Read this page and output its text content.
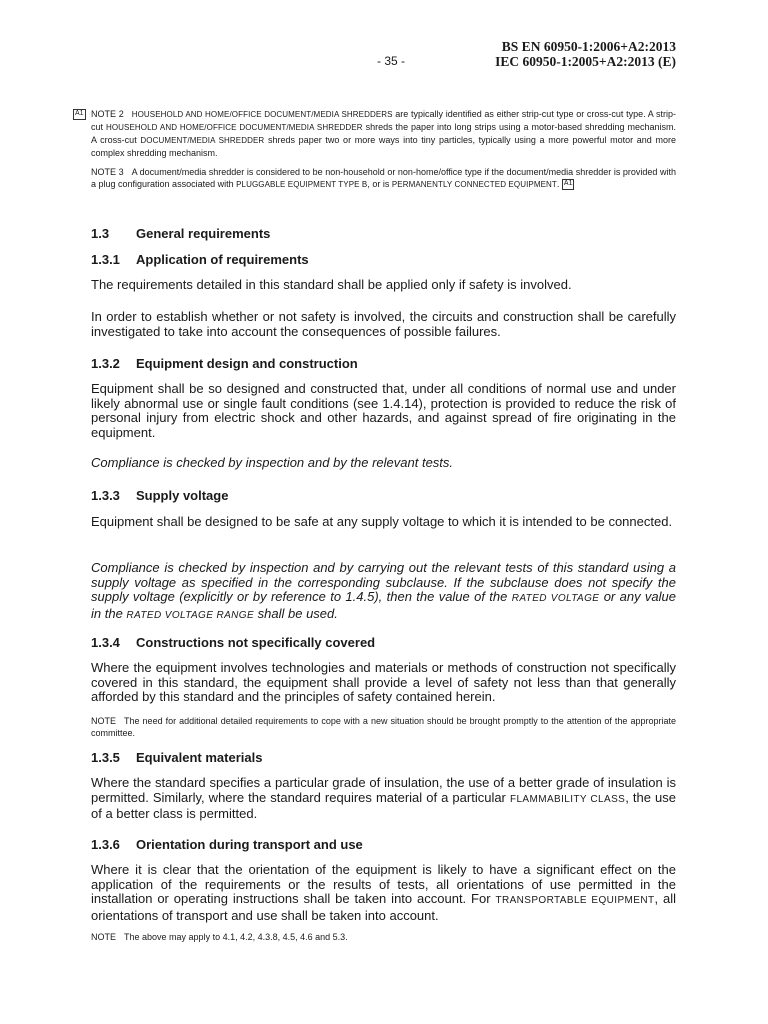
BS EN 60950-1:2006+A2:2013
- 35 -	IEC 60950-1:2005+A2:2013 (E)
A1 NOTE 2 HOUSEHOLD AND HOME/OFFICE DOCUMENT/MEDIA SHREDDERS are typically identified as either strip-cut type or cross-cut type. A strip-cut HOUSEHOLD AND HOME/OFFICE DOCUMENT/MEDIA SHREDDER shreds the paper into long strips using a motor-based shredding mechanism. A cross-cut DOCUMENT/MEDIA SHREDDER shreds paper two or more ways into tiny particles, typically using a more powerful motor and more complex shredding mechanism.

NOTE 3 A document/media shredder is considered to be non-household or non-home/office type if the document/media shredder is provided with a plug configuration associated with PLUGGABLE EQUIPMENT TYPE B, or is PERMANENTLY CONNECTED EQUIPMENT. A1

1.3 General requirements
1.3.1 Application of requirements

The requirements detailed in this standard shall be applied only if safety is involved.

In order to establish whether or not safety is involved, the circuits and construction shall be carefully investigated to take into account the consequences of possible failures.

1.3.2 Equipment design and construction

Equipment shall be so designed and constructed that, under all conditions of normal use and under likely abnormal use or single fault conditions (see 1.4.14), protection is provided to reduce the risk of personal injury from electric shock and other hazards, and against spread of fire originating in the equipment.

Compliance is checked by inspection and by the relevant tests.

1.3.3 Supply voltage

Equipment shall be designed to be safe at any supply voltage to which it is intended to be connected.

Compliance is checked by inspection and by carrying out the relevant tests of this standard using a supply voltage as specified in the corresponding subclause. If the subclause does not specify the supply voltage (explicitly or by reference to 1.4.5), then the value of the RATED VOLTAGE or any value in the RATED VOLTAGE RANGE shall be used.

1.3.4 Constructions not specifically covered

Where the equipment involves technologies and materials or methods of construction not specifically covered in this standard, the equipment shall provide a level of safety not less than that generally afforded by this standard and the principles of safety contained herein.

NOTE The need for additional detailed requirements to cope with a new situation should be brought promptly to the attention of the appropriate committee.

1.3.5 Equivalent materials

Where the standard specifies a particular grade of insulation, the use of a better grade of insulation is permitted. Similarly, where the standard requires material of a particular FLAMMABILITY CLASS, the use of a better class is permitted.

1.3.6 Orientation during transport and use

Where it is clear that the orientation of the equipment is likely to have a significant effect on the application of the requirements or the results of tests, all orientations of use permitted in the installation or operating instructions shall be taken into account. For TRANSPORTABLE EQUIPMENT, all orientations of transport and use shall be taken into account.

NOTE The above may apply to 4.1, 4.2, 4.3.8, 4.5, 4.6 and 5.3.
